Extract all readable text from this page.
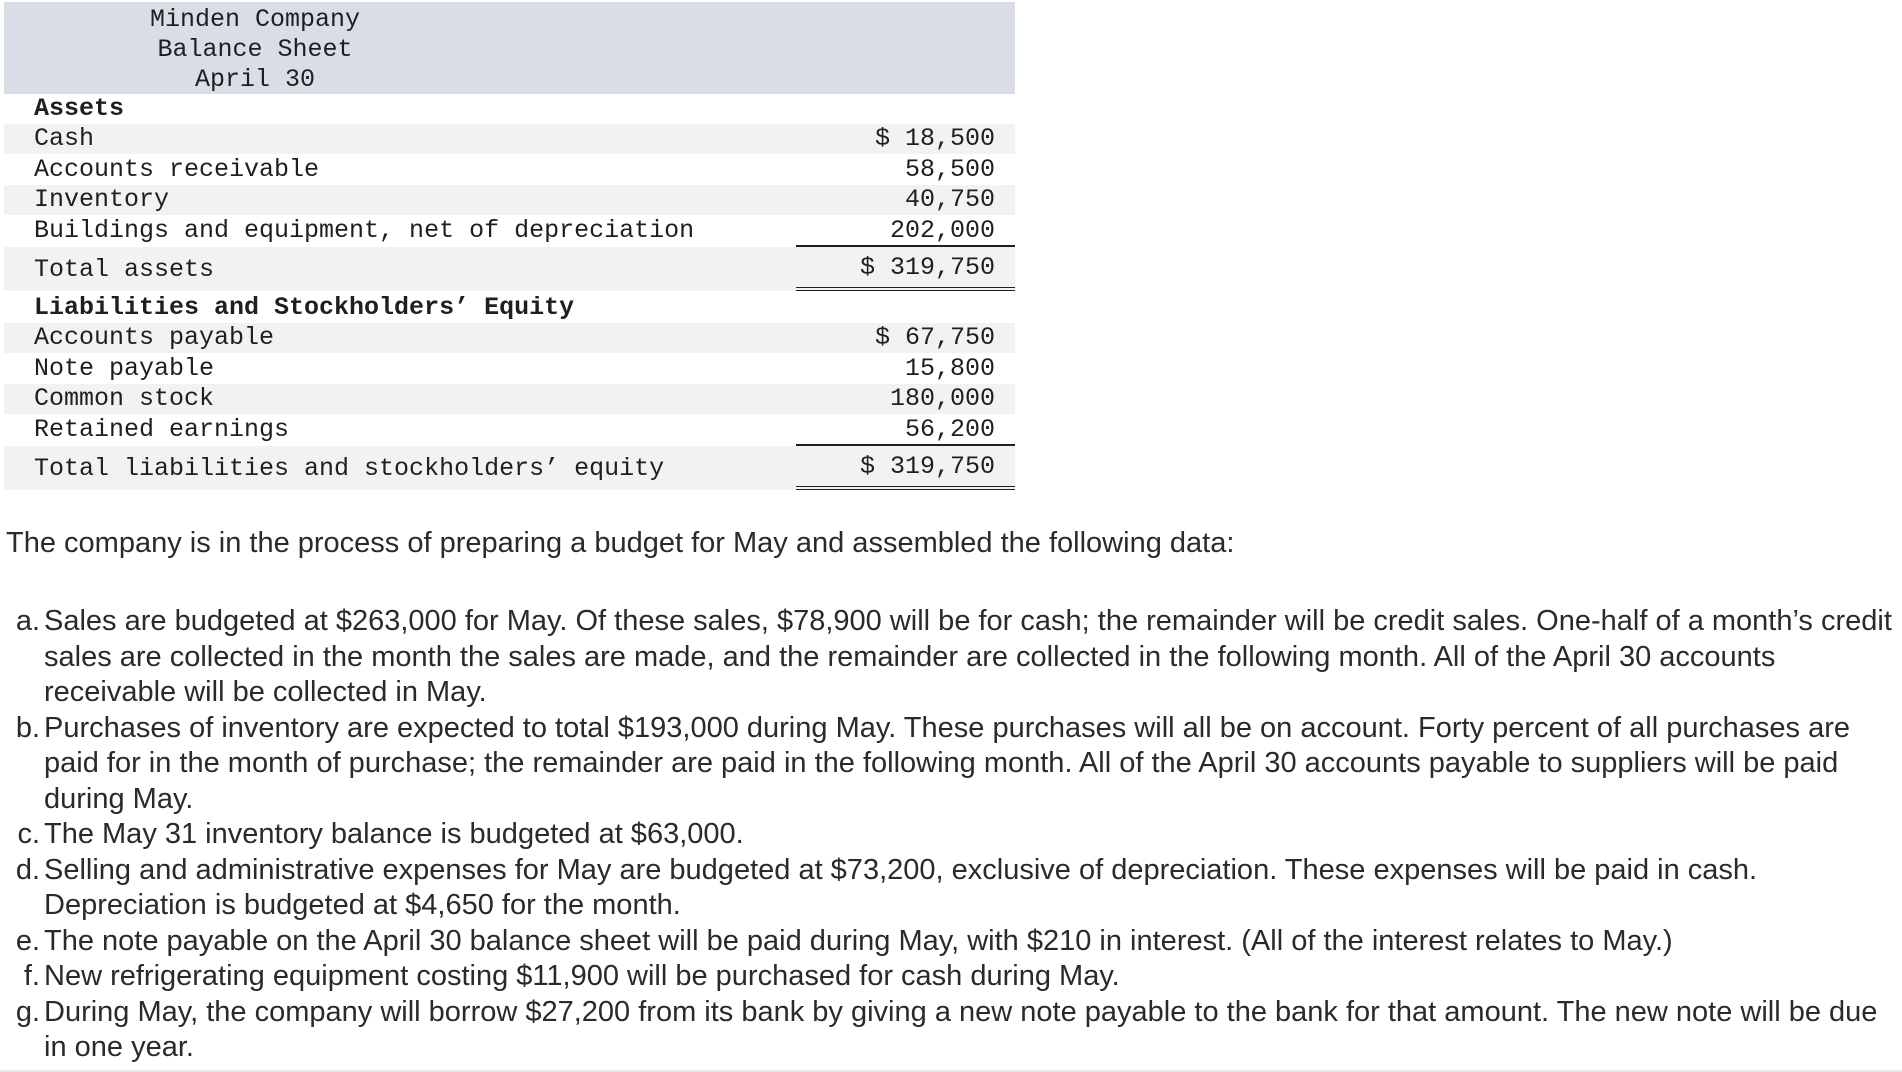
Minden Company
Balance Sheet
April 30
Assets
Cash	$ 18,500
Accounts receivable	58,500
Inventory	40,750
Buildings and equipment, net of depreciation	202,000
Total assets	$ 319,750
Liabilities and Stockholders’ Equity
Accounts payable	$ 67,750
Note payable	15,800
Common stock	180,000
Retained earnings	56,200
Total liabilities and stockholders’ equity	$ 319,750
The company is in the process of preparing a budget for May and assembled the following data:
a. Sales are budgeted at $263,000 for May. Of these sales, $78,900 will be for cash; the remainder will be credit sales. One-half of a month’s credit sales are collected in the month the sales are made, and the remainder are collected in the following month. All of the April 30 accounts receivable will be collected in May.
b. Purchases of inventory are expected to total $193,000 during May. These purchases will all be on account. Forty percent of all purchases are paid for in the month of purchase; the remainder are paid in the following month. All of the April 30 accounts payable to suppliers will be paid during May.
c. The May 31 inventory balance is budgeted at $63,000.
d. Selling and administrative expenses for May are budgeted at $73,200, exclusive of depreciation. These expenses will be paid in cash. Depreciation is budgeted at $4,650 for the month.
e. The note payable on the April 30 balance sheet will be paid during May, with $210 in interest. (All of the interest relates to May.)
f. New refrigerating equipment costing $11,900 will be purchased for cash during May.
g. During May, the company will borrow $27,200 from its bank by giving a new note payable to the bank for that amount. The new note will be due in one year.
